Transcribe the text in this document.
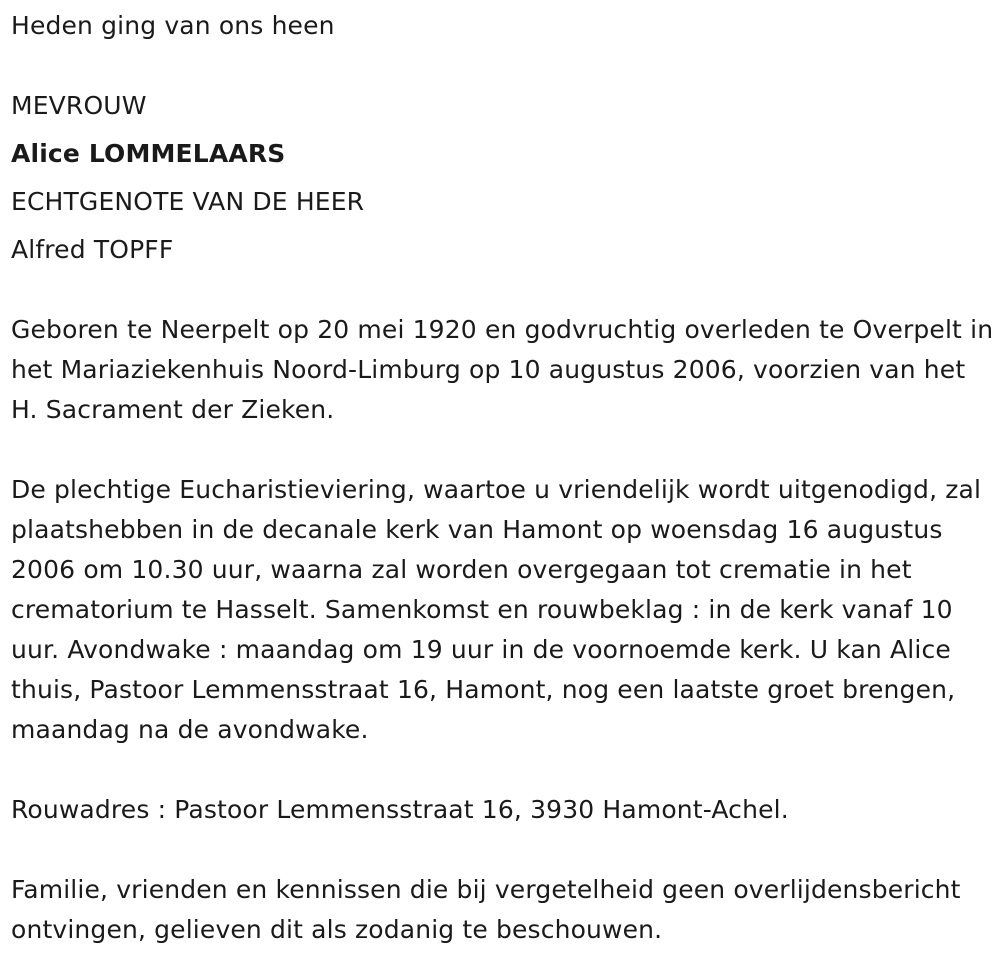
Heden ging van ons heen
MEVROUW
Alice LOMMELAARS
ECHTGENOTE VAN DE HEER
Alfred TOPFF

Geboren te Neerpelt op 20 mei 1920 en godvruchtig overleden te Overpelt in het Mariaziekenhuis Noord-Limburg op 10 augustus 2006, voorzien van het H. Sacrament der Zieken.

De plechtige Eucharistieviering, waartoe u vriendelijk wordt uitgenodigd, zal plaatshebben in de decanale kerk van Hamont op woensdag 16 augustus 2006 om 10.30 uur, waarna zal worden overgegaan tot crematie in het crematorium te Hasselt. Samenkomst en rouwbeklag : in de kerk vanaf 10 uur. Avondwake : maandag om 19 uur in de voornoemde kerk. U kan Alice thuis, Pastoor Lemmensstraat 16, Hamont, nog een laatste groet brengen, maandag na de avondwake.

Rouwadres : Pastoor Lemmensstraat 16, 3930 Hamont-Achel.

Familie, vrienden en kennissen die bij vergetelheid geen overlijdensbericht ontvingen, gelieven dit als zodanig te beschouwen.
